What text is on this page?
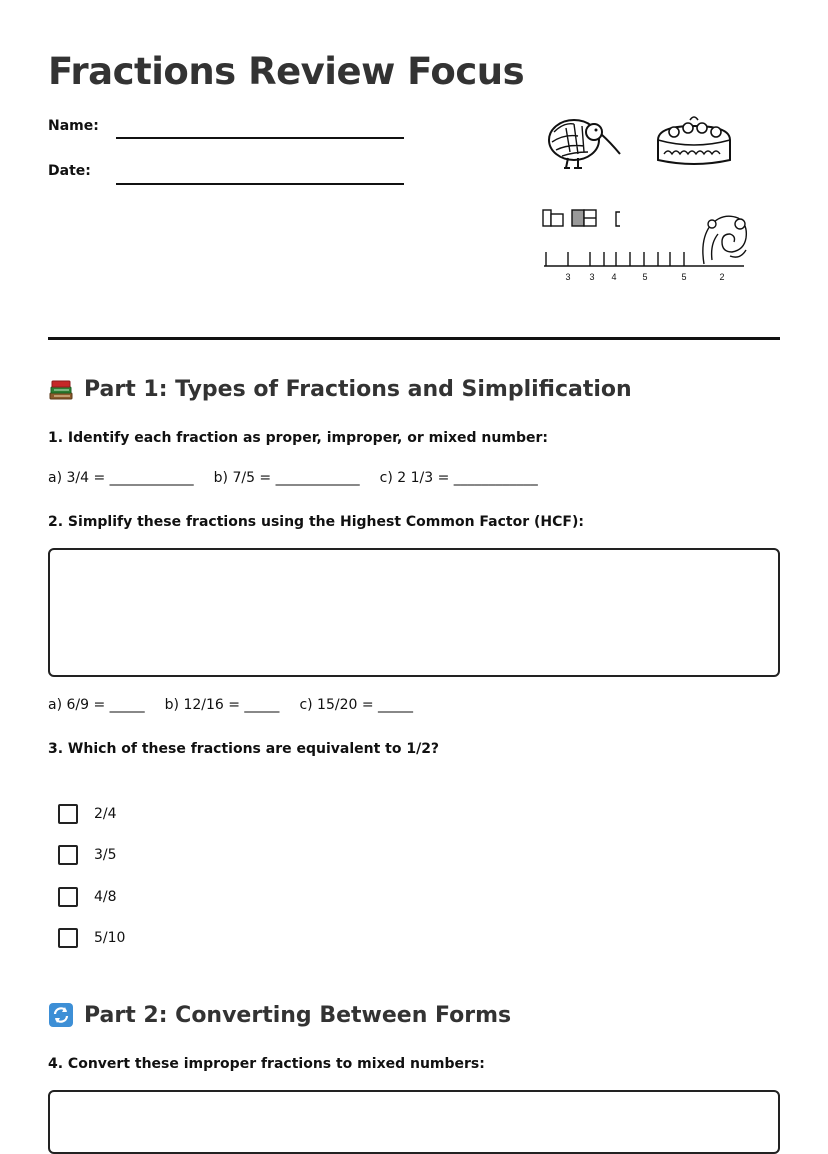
Fractions Review Focus
Name:
Date:
3 3 4	5	5	2
Part 1: Types of Fractions and Simplification
1. Identify each fraction as proper, improper, or mixed number:
a) 3/4 = ____________ b) 7/5 = ____________ c) 2 1/3 = ____________
2. Simplify these fractions using the Highest Common Factor (HCF):
a) 6/9 = _____ b) 12/16 = _____ c) 15/20 = _____
3. Which of these fractions are equivalent to 1/2?
2/4
3/5
4/8
5/10
Part 2: Converting Between Forms
4. Convert these improper fractions to mixed numbers:
